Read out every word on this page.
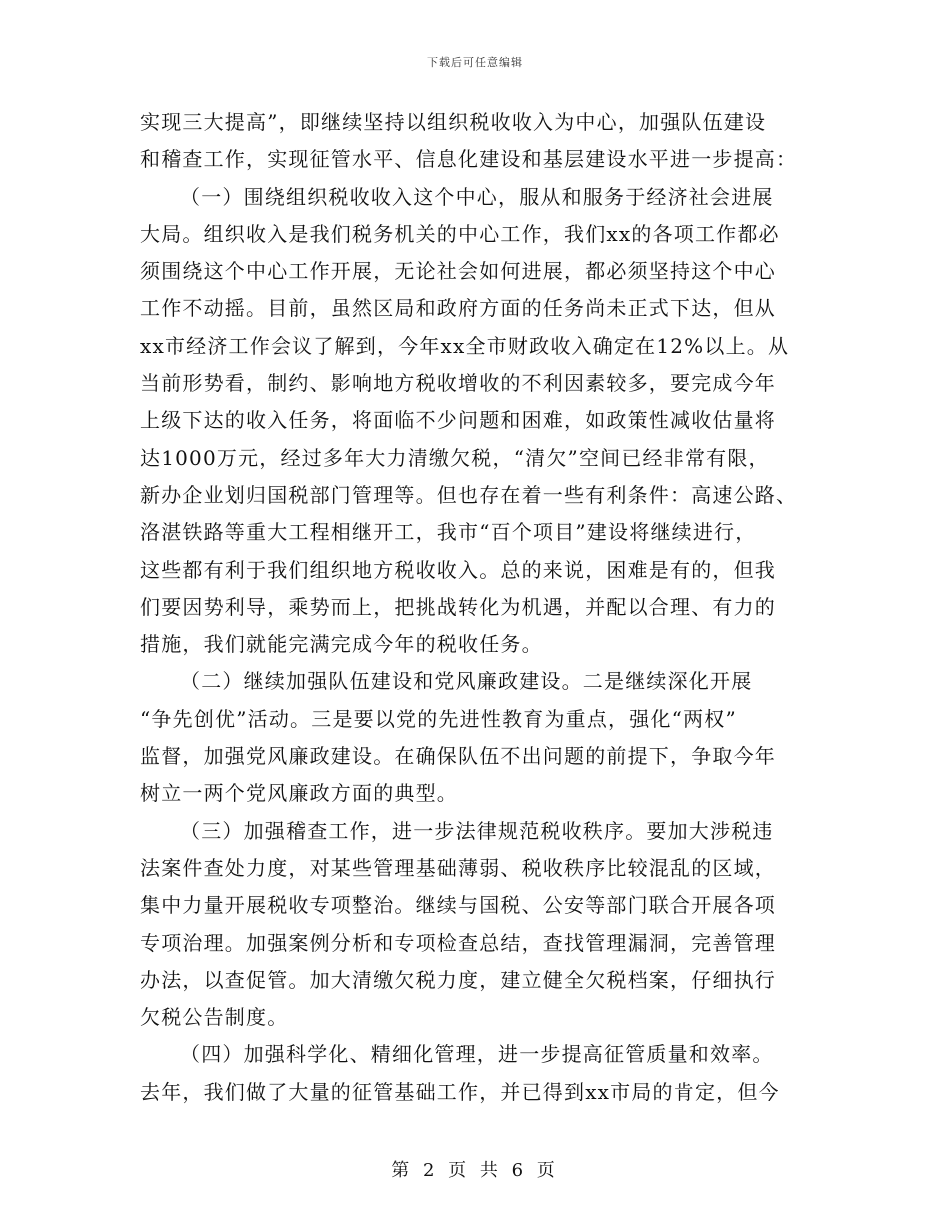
下载后可任意编辑
实现三大提高”，即继续坚持以组织税收收入为中心，加强队伍建设
和稽查工作，实现征管水平、信息化建设和基层建设水平进一步提高：
（一）围绕组织税收收入这个中心，服从和服务于经济社会进展
大局。组织收入是我们税务机关的中心工作，我们xx的各项工作都必
须围绕这个中心工作开展，无论社会如何进展，都必须坚持这个中心
工作不动摇。目前，虽然区局和政府方面的任务尚未正式下达，但从
xx市经济工作会议了解到，今年xx全市财政收入确定在12%以上。从
当前形势看，制约、影响地方税收增收的不利因素较多，要完成今年
上级下达的收入任务，将面临不少问题和困难，如政策性减收估量将
达1000万元，经过多年大力清缴欠税，“清欠”空间已经非常有限，
新办企业划归国税部门管理等。但也存在着一些有利条件：高速公路、
洛湛铁路等重大工程相继开工，我市“百个项目”建设将继续进行，
这些都有利于我们组织地方税收收入。总的来说，困难是有的，但我
们要因势利导，乘势而上，把挑战转化为机遇，并配以合理、有力的
措施，我们就能完满完成今年的税收任务。
（二）继续加强队伍建设和党风廉政建设。二是继续深化开展
“争先创优”活动。三是要以党的先进性教育为重点，强化“两权”
监督，加强党风廉政建设。在确保队伍不出问题的前提下，争取今年
树立一两个党风廉政方面的典型。
（三）加强稽查工作，进一步法律规范税收秩序。要加大涉税违
法案件查处力度，对某些管理基础薄弱、税收秩序比较混乱的区域，
集中力量开展税收专项整治。继续与国税、公安等部门联合开展各项
专项治理。加强案例分析和专项检查总结，查找管理漏洞，完善管理
办法，以查促管。加大清缴欠税力度，建立健全欠税档案，仔细执行
欠税公告制度。
（四）加强科学化、精细化管理，进一步提高征管质量和效率。
去年，我们做了大量的征管基础工作，并已得到xx市局的肯定，但今
第 2 页 共 6 页
